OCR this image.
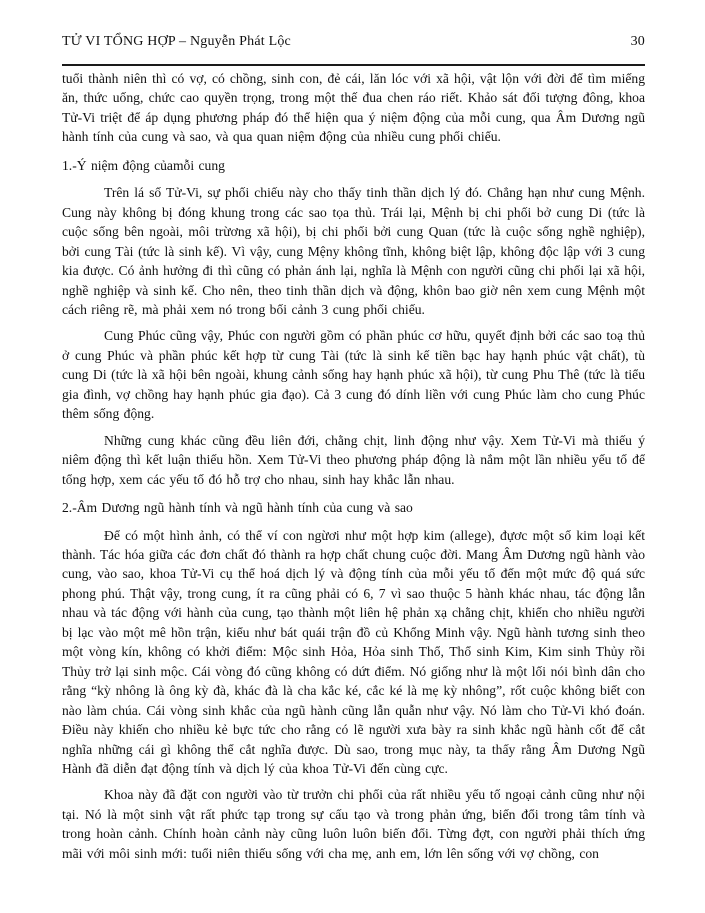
TỬ VI TỔNG HỢP – Nguyễn Phát Lộc	30

tuổi thành niên thì có vợ, có chồng, sinh con, đẻ cái, lăn lóc với xã hội, vật lộn với đời để tìm miếng ăn, thức uống, chức cao quyền trọng, trong một thế đua chen ráo riết. Khảo sát đối tượng đông, khoa Tử-Vi triệt để áp dụng phương pháp đó thể hiện qua ý niệm động của mỗi cung, qua Âm Dương ngũ hành tính của cung và sao, và qua quan niệm động của nhiều cung phối chiếu.

1.-Ý niệm động củamỗi cung

Trên lá số Tử-Vi, sự phối chiếu này cho thấy tinh thần dịch lý đó. Chẳng hạn như cung Mệnh. Cung này không bị đóng khung trong các sao tọa thủ. Trái lại, Mệnh bị chi phối bở cung Di (tức là cuộc sống bên ngoài, môi trừơng xã hội), bị chi phối bởi cung Quan (tức là cuộc sống nghề nghiệp), bởi cung Tài (tức là sinh kế). Vì vậy, cung Mệny không tĩnh, không biệt lập, không độc lập với 3 cung kia được. Có ảnh hưởng đi thì cũng có phản ánh lại, nghĩa là Mệnh con người cũng chi phối lại xã hội, nghề nghiệp và sinh kế. Cho nên, theo tinh thần dịch và động, khôn bao giờ nên xem cung Mệnh một cách riêng rẽ, mà phải xem nó trong bối cảnh 3 cung phối chiếu.

Cung Phúc cũng vậy, Phúc con người gồm có phần phúc cơ hữu, quyết định bởi các sao toạ thủ ở cung Phúc và phần phúc kết hợp từ cung Tài (tức là sinh kế tiền bạc hay hạnh phúc vật chất), tù cung Di (tức là xã hội bên ngoài, khung cảnh sống hay hạnh phúc xã hội), từ cung Phu Thê (tức là tiểu gia đình, vợ chồng hay hạnh phúc gia đạo). Cả 3 cung đó dính liền với cung Phúc làm cho cung Phúc thêm sống động.

Những cung khác cũng đều liên đới, chằng chịt, linh động như vậy. Xem Tử-Vi mà thiếu ý niêm động thì kết luận thiếu hồn. Xem Tử-Vi theo phương pháp động là nắm một lần nhiều yếu tố để tổng hợp, xem các yếu tố đó hỗ trợ cho nhau, sinh hay khắc lẫn nhau.

2.-Âm Dương ngũ hành tính và ngũ hành tính của cung và sao

Để có một hình ảnh, có thể ví con ngừơi như một hợp kim (allege), đựơc một số kim loại kết thành. Tác hóa giữa các đơn chất đó thành ra hợp chất chung cuộc đời. Mang Âm Dương ngũ hành vào cung, vào sao, khoa Tử-Vi cụ thể hoá dịch lý và động tính của mỗi yếu tố đến một mức độ quá sức phong phú. Thật vậy, trong cung, ít ra cũng phải có 6, 7 vì sao thuộc 5 hành khác nhau, tác động lẫn nhau và tác động với hành của cung, tạo thành một liên hệ phản xạ chằng chịt, khiến cho nhiều người bị lạc vào một mê hồn trận, kiểu như bát quái trận đồ củ Khổng Minh vậy. Ngũ hành tương sinh theo một vòng kín, không có khởi điểm: Mộc sinh Hỏa, Hỏa sinh Thổ, Thổ sinh Kim, Kim sinh Thủy rồi Thủy trở lại sinh mộc. Cái vòng đó cũng không có dứt điểm. Nó giống như là một lối nói bình dân cho rằng “kỳ nhông là ông kỳ đà, khác đà là cha kắc ké, cắc ké là mẹ kỳ nhông”, rốt cuộc không biết con nào làm chúa. Cái vòng sinh khắc của ngũ hành cũng lẫn quẫn như vậy. Nó làm cho Tử-Vi khó đoán. Điều này khiến cho nhiều kẻ bực tức cho rằng có lẽ người xưa bày ra sinh khắc ngũ hành cốt để cắt nghĩa những cái gì không thể cắt nghĩa được. Dù sao, trong mục này, ta thấy rằng Âm Dương Ngũ Hành đã diễn đạt động tính và dịch lý của khoa Tử-Vi đến cùng cực.

Khoa này đã đặt con người vào từ trưởn chi phối của rất nhiều yếu tố ngoại cảnh cũng như nội tại. Nó là một sinh vật rất phức tạp trong sự cấu tạo và trong phản ứng, biến đổi trong tâm tính và trong hoàn cảnh. Chính hoàn cảnh này cũng luôn luôn biến đổi. Từng đợt, con người phải thích ứng mãi với môi sinh mới: tuổi niên thiếu sống với cha mẹ, anh em, lớn lên sống với vợ chồng, con
